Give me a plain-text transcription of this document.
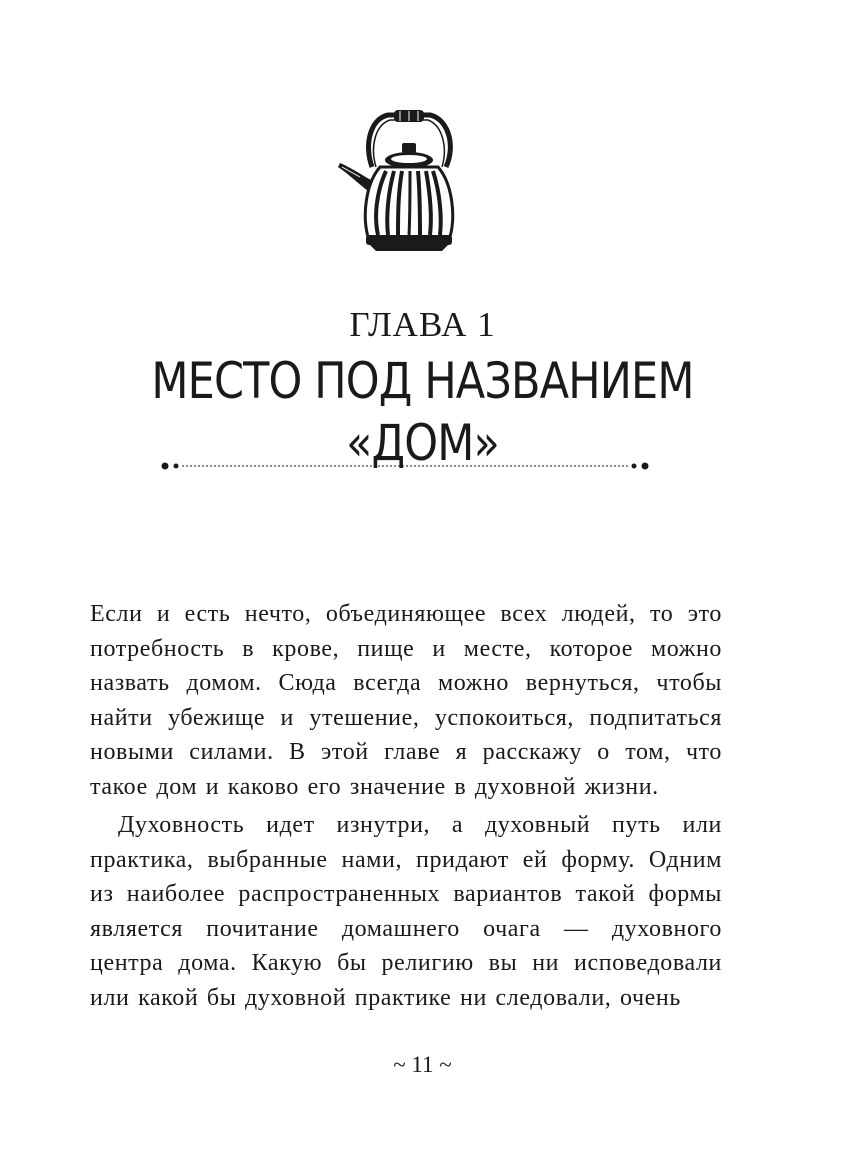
ГЛАВА 1
МЕСТО ПОД НАЗВАНИЕМ
«ДОМ»

Если и есть нечто, объединяющее всех людей, то это потребность в крове, пище и месте, которое можно назвать домом. Сюда всегда можно вернуться, чтобы найти убежище и утешение, успокоиться, подпитаться новыми силами. В этой главе я расскажу о том, что такое дом и каково его значение в духовной жизни.

Духовность идет изнутри, а духовный путь или практика, выбранные нами, придают ей форму. Одним из наиболее распространенных вариантов такой формы является почитание домашнего очага — духовного центра дома. Какую бы религию вы ни исповедовали или какой бы духовной практике ни следовали, очень

~ 11 ~
